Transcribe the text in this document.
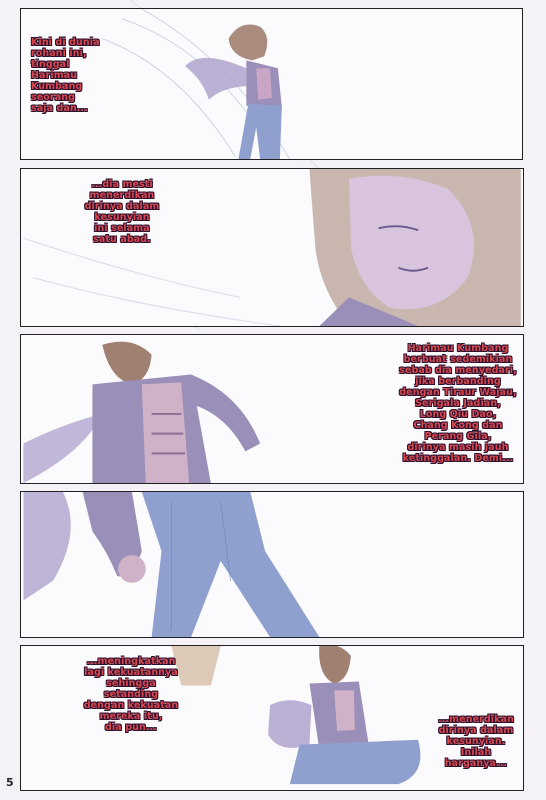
Kini di dunia
rohani ini,
tinggal
Harimau
Kumbang
seorang
saja dan...
...dia mesti
menerdikan
dirinya dalam
kesunyian
ini selama
satu abad.
Harimau Kumbang
berbuat sedemikian
sebab dia menyedari,
jika berbanding
dengan Tiraur Wajau,
Serigala Jadian,
Long Qiu Dao,
Chang Kong dan
Perang Gila,
dirinya masih jauh
ketinggalan. Demi...
...meningkatkan
lagi kekuatannya
sehingga setanding
dengan kekuatan
mereka itu,
dia pun...
...menerdikan
dirinya dalam
kesunyian.
Inilah harganya...
5
